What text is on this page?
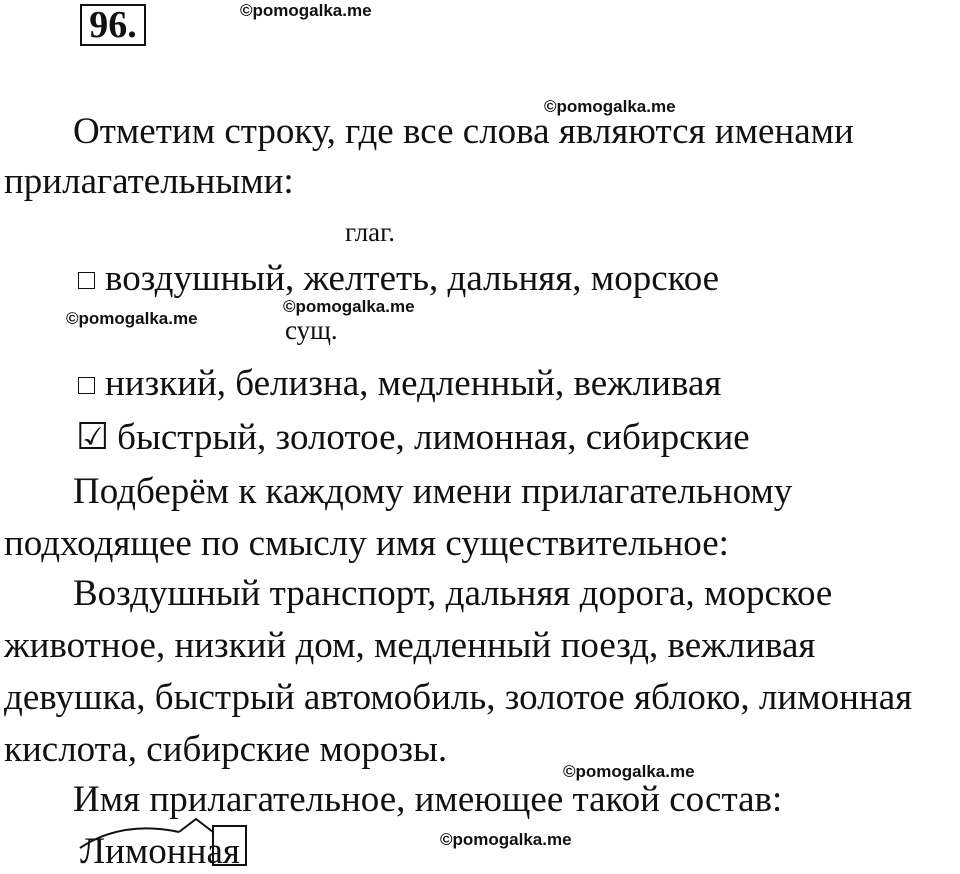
96.	©pomogalka.me
©pomogalka.me
©pomogalka.me
©pomogalka.me
©pomogalka.me
©pomogalka.me
Отметим строку, где все слова являются именами
прилагательными:
глаг.
воздушный, желтеть, дальняя, морское
сущ.
низкий, белизна, медленный, вежливая
☑ быстрый, золотое, лимонная, сибирские
Подберём к каждому имени прилагательному
подходящее по смыслу имя существительное:
Воздушный транспорт, дальняя дорога, морское
животное, низкий дом, медленный поезд, вежливая
девушка, быстрый автомобиль, золотое яблоко, лимонная
кислота, сибирские морозы.
Имя прилагательное, имеющее такой состав:
Лимонная
